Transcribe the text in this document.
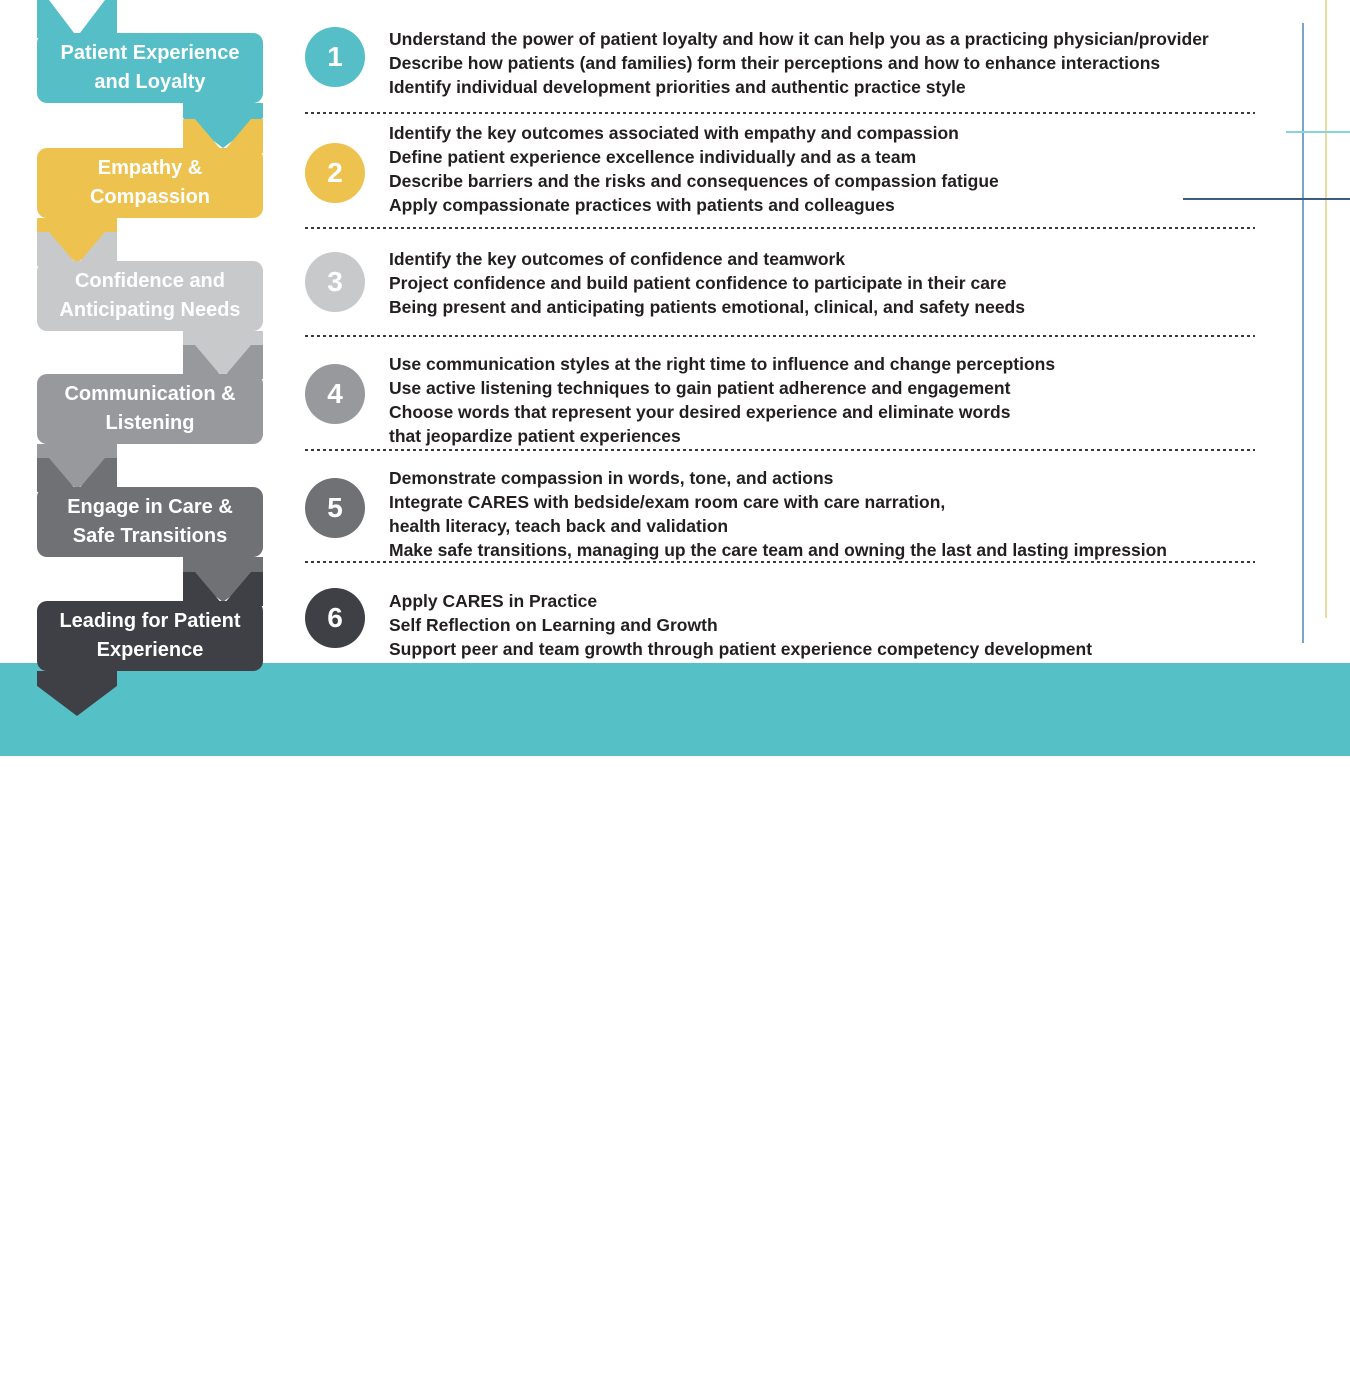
Hosted By MGMA. › Powered by You
Patient Experience
and Loyalty
Empathy &
Compassion
Confidence and
Anticipating Needs
Communication &
Listening
Engage in Care &
Safe Transitions
Leading for Patient
Experience
1
2
3
4
5
6
Understand the power of patient loyalty and how it can help you as a practicing physician/provider
Describe how patients (and families) form their perceptions and how to enhance interactions
Identify individual development priorities and authentic practice style
Identify the key outcomes associated with empathy and compassion
Define patient experience excellence individually and as a team
Describe barriers and the risks and consequences of compassion fatigue
Apply compassionate practices with patients and colleagues
Identify the key outcomes of confidence and teamwork
Project confidence and build patient confidence to participate in their care
Being present and anticipating patients emotional, clinical, and safety needs
Use communication styles at the right time to influence and change perceptions
Use active listening techniques to gain patient adherence and engagement
Choose words that represent your desired experience and eliminate words
that jeopardize patient experiences
Demonstrate compassion in words, tone, and actions
Integrate CARES with bedside/exam room care with care narration,
health literacy, teach back and validation
Make safe transitions, managing up the care team and owning the last and lasting impression
Apply CARES in Practice
Self Reflection on Learning and Growth
Support peer and team growth through patient experience competency development
